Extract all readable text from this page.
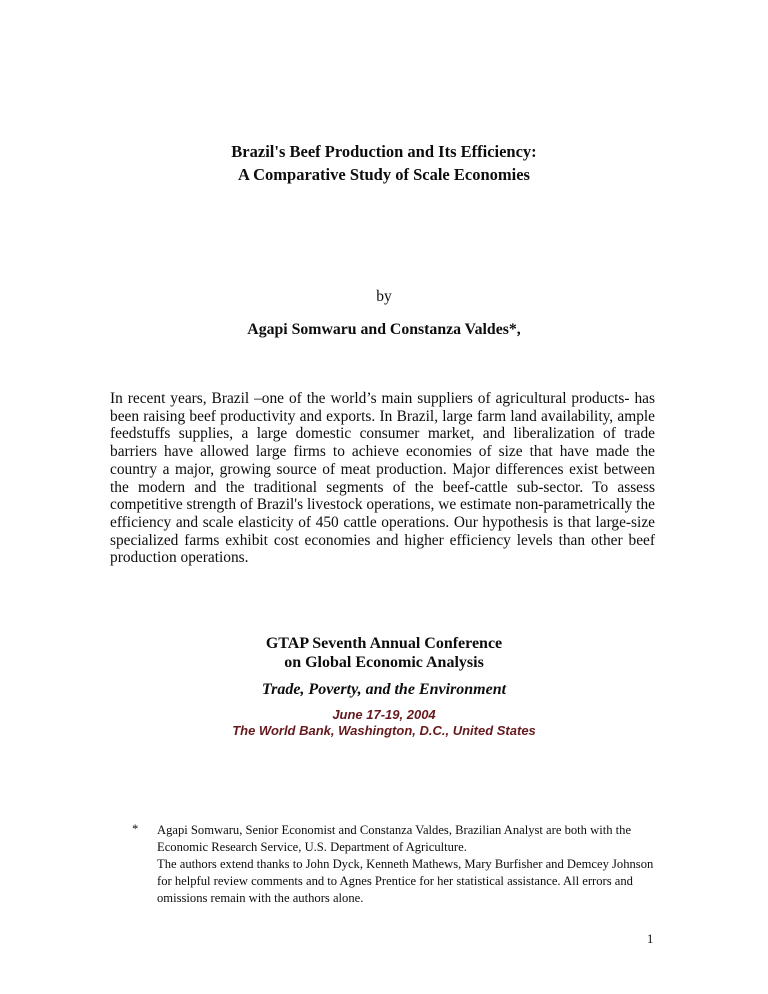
Brazil's Beef Production and Its Efficiency:
A Comparative Study of Scale Economies
by
Agapi Somwaru and Constanza Valdes*,

In recent years, Brazil –one of the world’s main suppliers of agricultural products- has been raising beef productivity and exports. In Brazil, large farm land availability, ample feedstuffs supplies, a large domestic consumer market, and liberalization of trade barriers have allowed large firms to achieve economies of size that have made the country a major, growing source of meat production. Major differences exist between the modern and the traditional segments of the beef-cattle sub-sector. To assess competitive strength of Brazil's livestock operations, we estimate non-parametrically the efficiency and scale elasticity of 450 cattle operations. Our hypothesis is that large-size specialized farms exhibit cost economies and higher efficiency levels than other beef production operations.

GTAP Seventh Annual Conference
on Global Economic Analysis
Trade, Poverty, and the Environment
June 17-19, 2004
The World Bank, Washington, D.C., United States
* Agapi Somwaru, Senior Economist and Constanza Valdes, Brazilian Analyst are both with the Economic Research Service, U.S. Department of Agriculture.

The authors extend thanks to John Dyck, Kenneth Mathews, Mary Burfisher and Demcey Johnson for helpful review comments and to Agnes Prentice for her statistical assistance. All errors and omissions remain with the authors alone.

1
